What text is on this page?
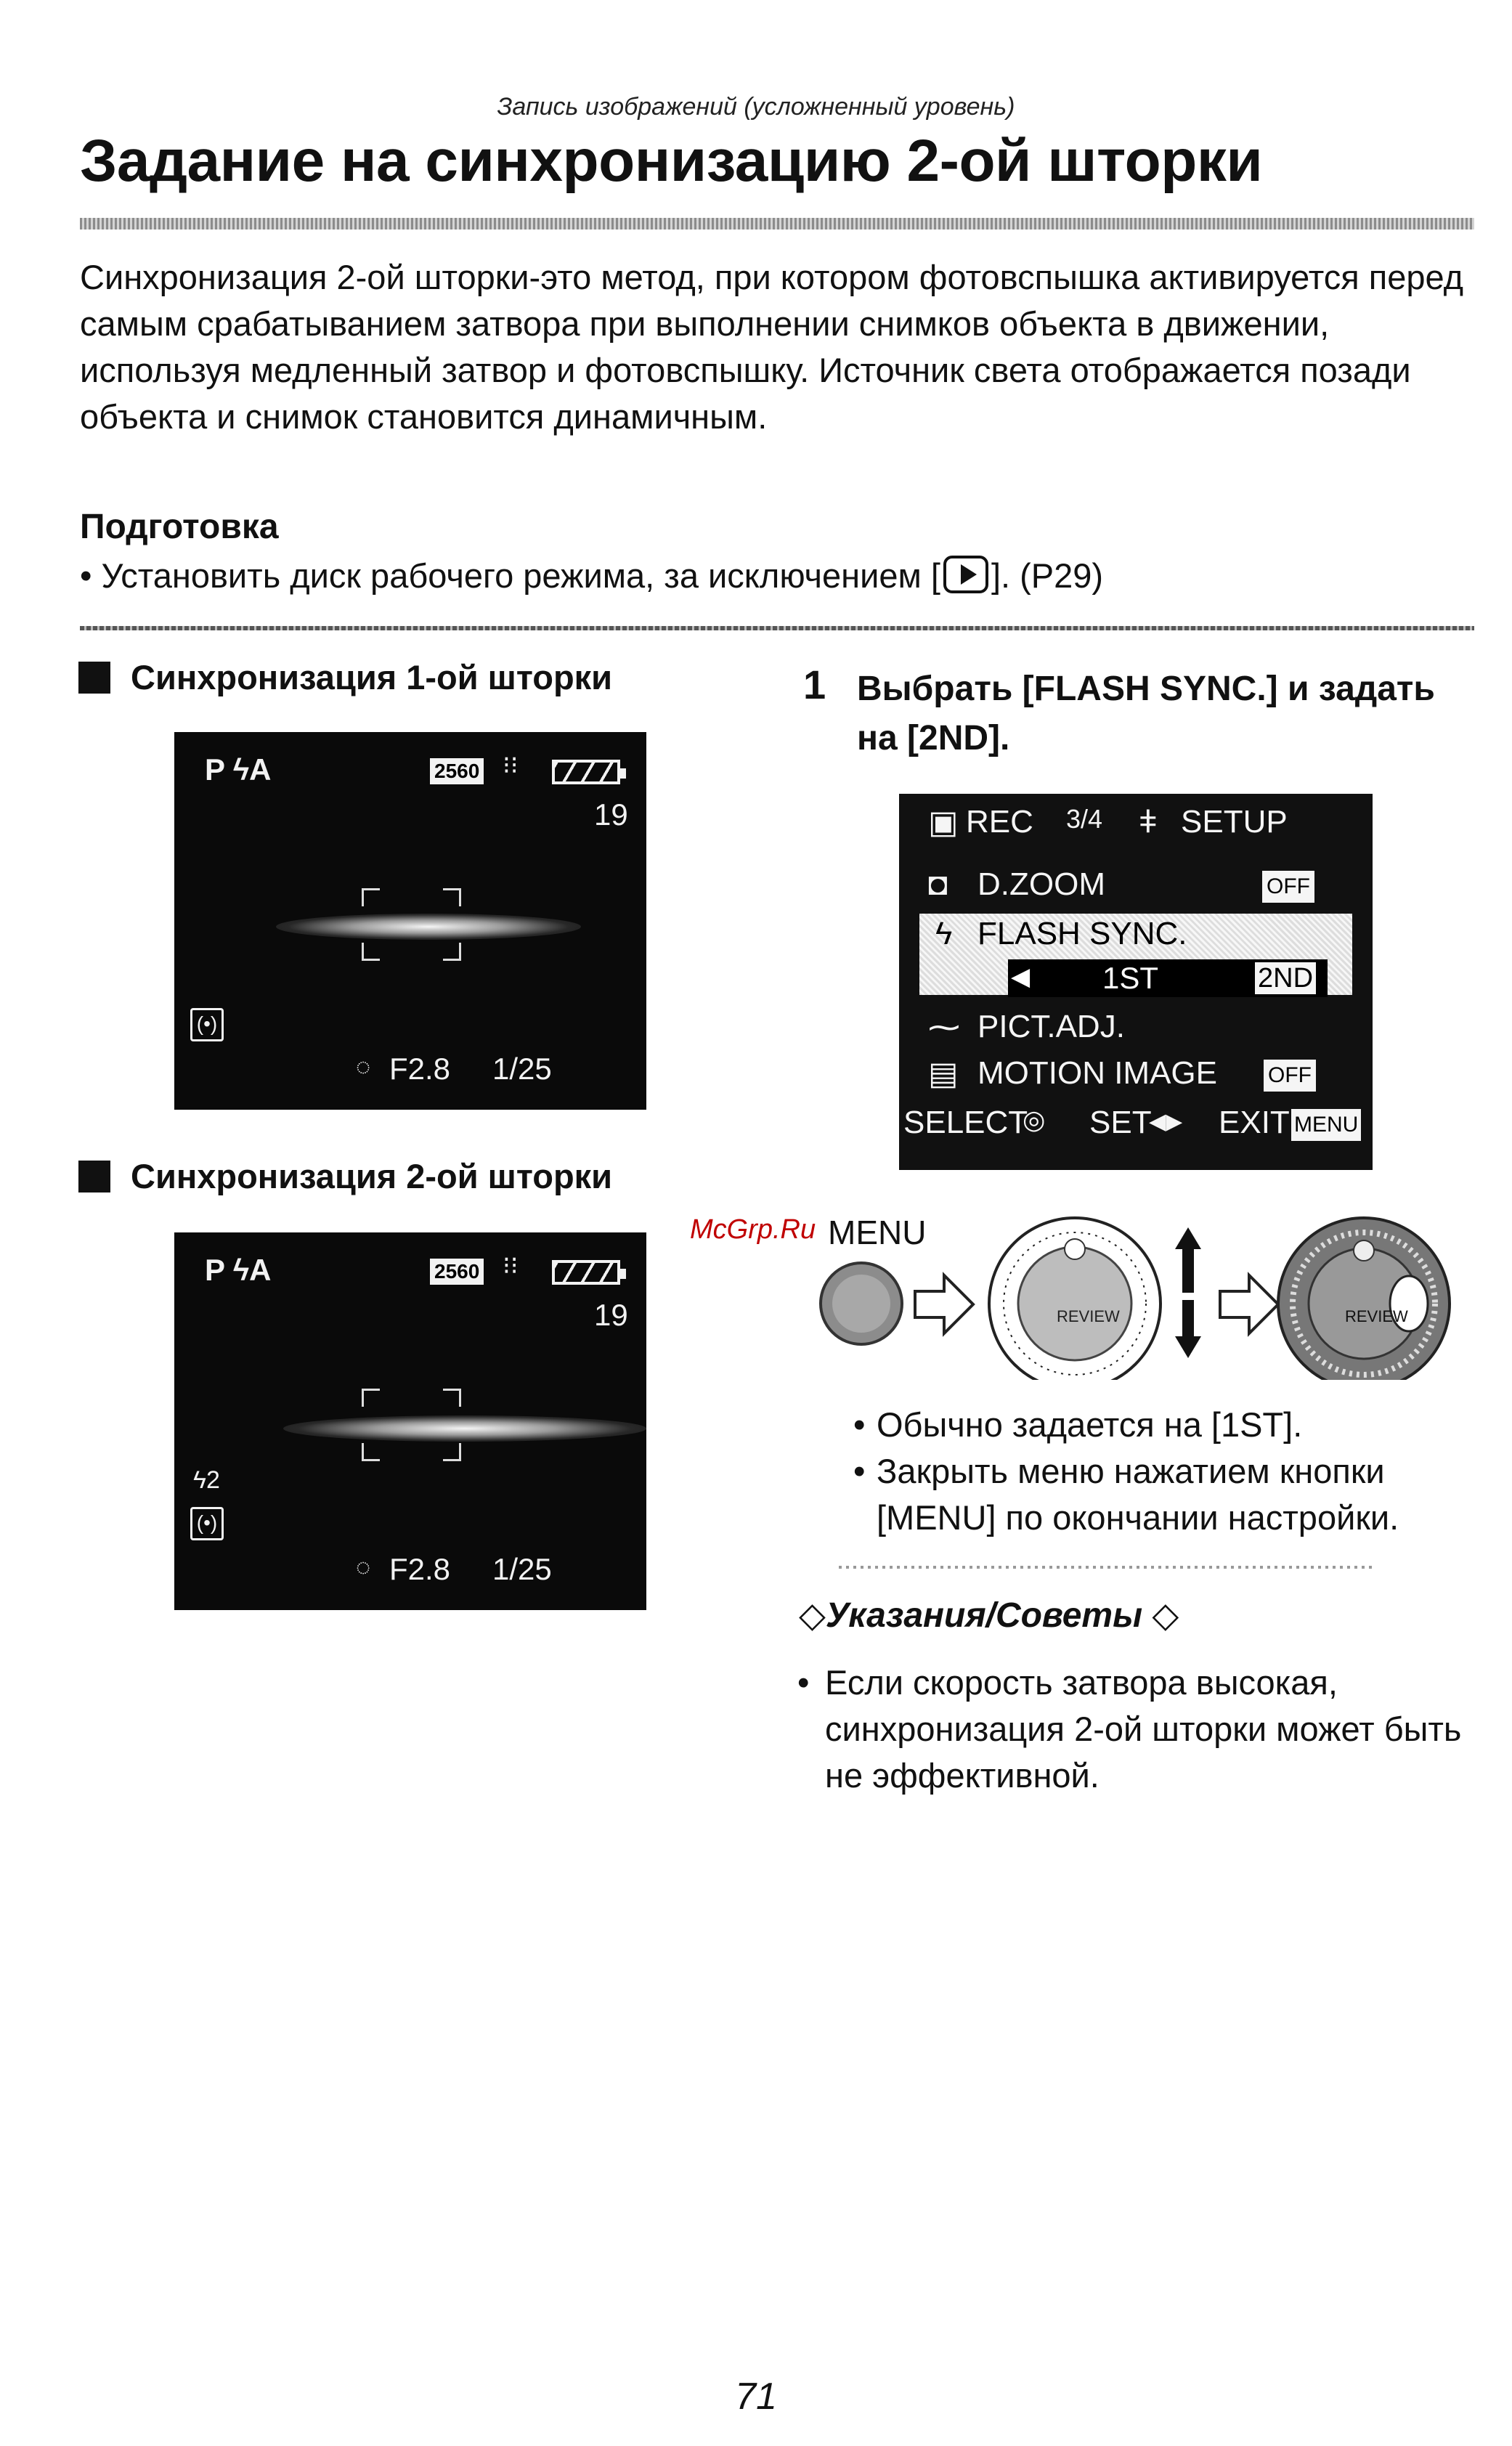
Запись изображений (усложненный уровень)
Задание на синхронизацию 2-ой шторки
Синхронизация 2-ой шторки-это метод, при котором фотовспышка активируется перед самым срабатыванием затвора при выполнении снимков объекта в движении, используя медленный затвор и фотовспышку. Источник света отображается позади объекта и снимок становится динамичным.
Подготовка
• Установить диск рабочего режима, за исключением [ ]. (P29)
Синхронизация 1-ой шторки
P ϟA	2560 ⁝⁝
19
(•)
◌ F2.8 1/25
Синхронизация 2-ой шторки
P ϟA	2560 ⁝⁝
19
ϟ2
(•)
◌ F2.8 1/25
1 Выбрать [FLASH SYNC.] и задать на [2ND].
▣ REC 3/4 ǂ SETUP
◘ D.ZOOM	OFF
ϟ FLASH SYNC.
◀ 1ST	2ND
⁓ PICT.ADJ.
▤ MOTION IMAGE OFF
SELECT
◎ SET
◀▶ EXIT MENU
McGrp.Ru MENU
REVIEW	REVIEW
• Обычно задается на [1ST].
• Закрыть меню нажатием кнопки [MENU] по окончании настройки.
◇Указания/Советы ◇
• Если скорость затвора высокая, синхронизация 2-ой шторки может быть не эффективной.
71
